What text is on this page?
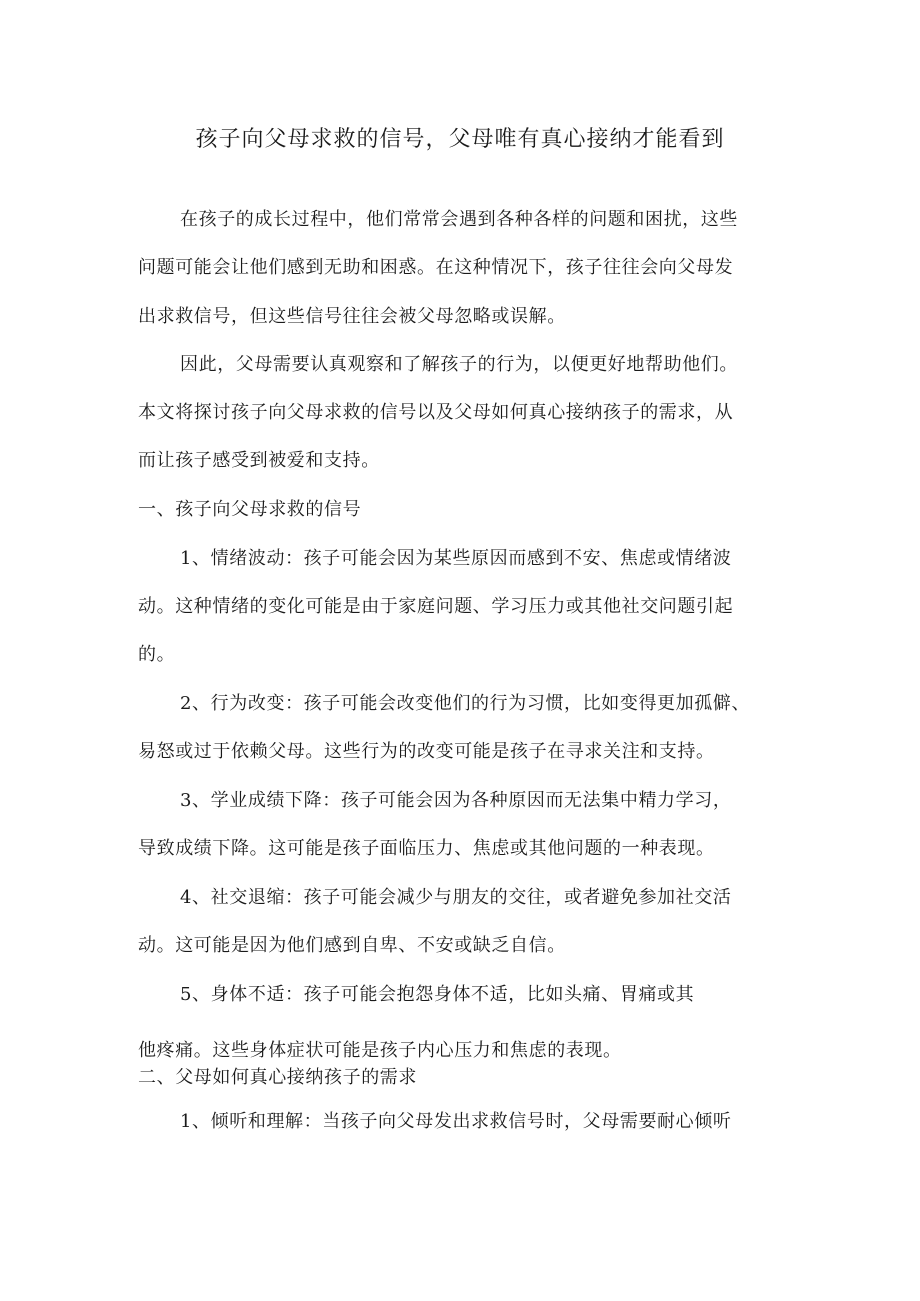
孩子向父母求救的信号，父母唯有真心接纳才能看到
在孩子的成长过程中，他们常常会遇到各种各样的问题和困扰，这些
问题可能会让他们感到无助和困惑。在这种情况下，孩子往往会向父母发
出求救信号，但这些信号往往会被父母忽略或误解。
因此，父母需要认真观察和了解孩子的行为，以便更好地帮助他们。
本文将探讨孩子向父母求救的信号以及父母如何真心接纳孩子的需求，从
而让孩子感受到被爱和支持。
一、孩子向父母求救的信号
1、情绪波动：孩子可能会因为某些原因而感到不安、焦虑或情绪波
动。这种情绪的变化可能是由于家庭问题、学习压力或其他社交问题引起
的。
2、行为改变：孩子可能会改变他们的行为习惯，比如变得更加孤僻、
易怒或过于依赖父母。这些行为的改变可能是孩子在寻求关注和支持。
3、学业成绩下降：孩子可能会因为各种原因而无法集中精力学习，
导致成绩下降。这可能是孩子面临压力、焦虑或其他问题的一种表现。
4、社交退缩：孩子可能会减少与朋友的交往，或者避免参加社交活
动。这可能是因为他们感到自卑、不安或缺乏自信。
5、身体不适：孩子可能会抱怨身体不适，比如头痛、胃痛或其
他疼痛。这些身体症状可能是孩子内心压力和焦虑的表现。
二、父母如何真心接纳孩子的需求
1、倾听和理解：当孩子向父母发出求救信号时，父母需要耐心倾听
